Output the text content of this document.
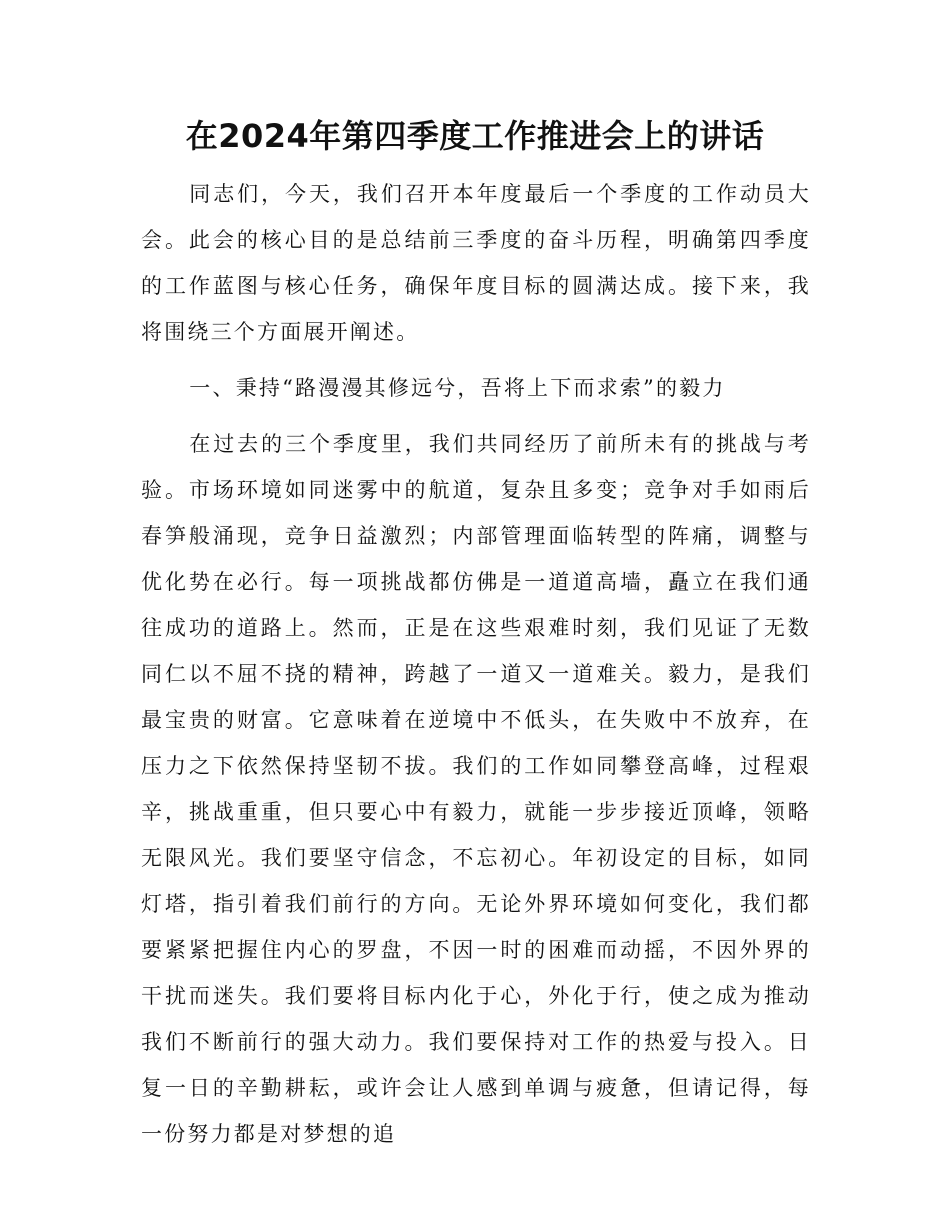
在2024年第四季度工作推进会上的讲话

同志们，今天，我们召开本年度最后一个季度的工作动员大会。此会的核心目的是总结前三季度的奋斗历程，明确第四季度的工作蓝图与核心任务，确保年度目标的圆满达成。接下来，我将围绕三个方面展开阐述。

一、秉持“路漫漫其修远兮，吾将上下而求索”的毅力

在过去的三个季度里，我们共同经历了前所未有的挑战与考验。市场环境如同迷雾中的航道，复杂且多变；竞争对手如雨后春笋般涌现，竞争日益激烈；内部管理面临转型的阵痛，调整与优化势在必行。每一项挑战都仿佛是一道道高墙，矗立在我们通往成功的道路上。然而，正是在这些艰难时刻，我们见证了无数同仁以不屈不挠的精神，跨越了一道又一道难关。毅力，是我们最宝贵的财富。它意味着在逆境中不低头，在失败中不放弃，在压力之下依然保持坚韧不拔。我们的工作如同攀登高峰，过程艰辛，挑战重重，但只要心中有毅力，就能一步步接近顶峰，领略无限风光。我们要坚守信念，不忘初心。年初设定的目标，如同灯塔，指引着我们前行的方向。无论外界环境如何变化，我们都要紧紧把握住内心的罗盘，不因一时的困难而动摇，不因外界的干扰而迷失。我们要将目标内化于心，外化于行，使之成为推动我们不断前行的强大动力。我们要保持对工作的热爱与投入。日复一日的辛勤耕耘，或许会让人感到单调与疲惫，但请记得，每一份努力都是对梦想的追
